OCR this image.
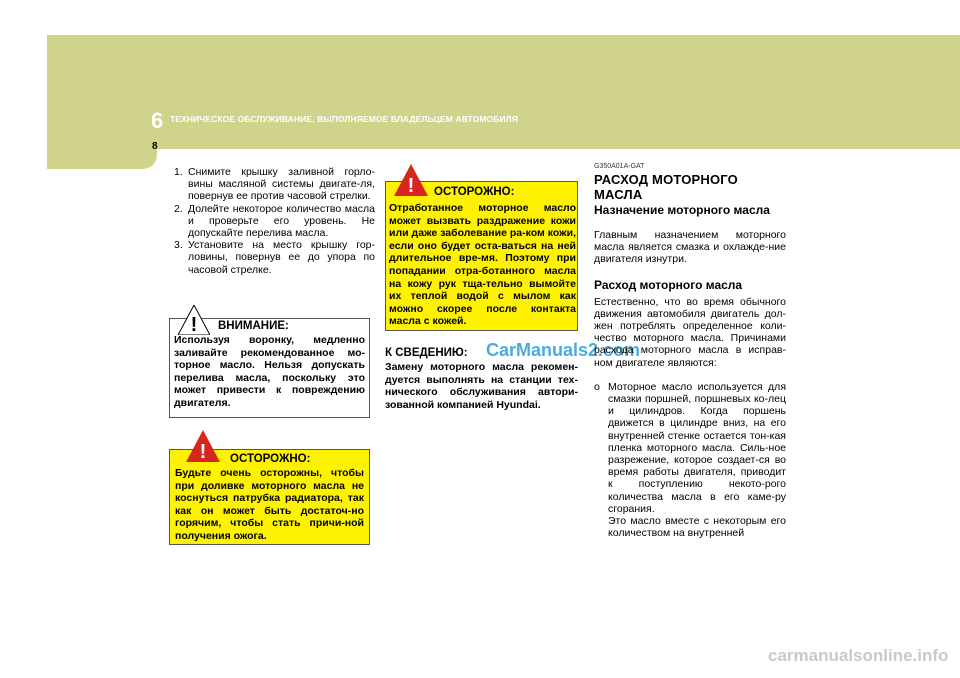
6 ТЕХНИЧЕСКОЕ ОБСЛУЖИВАНИЕ, ВЫПОЛНЯЕМОЕ ВЛАДЕЛЬЦЕМ АВТОМОБИЛЯ
8
1. Снимите крышку заливной горло-вины масляной системы двигате-ля, повернув ее против часовой стрелки.
2. Долейте некоторое количество масла и проверьте его уровень. Не допускайте перелива масла.
3. Установите на место крышку гор-ловины, повернув ее до упора по часовой стрелке.
! ВНИМАНИЕ:
Используя воронку, медленно заливайте рекомендованное мо-торное масло. Нельзя допускать перелива масла, поскольку это может привести к повреждению двигателя.
! ОСТОРОЖНО:
Будьте очень осторожны, чтобы при доливке моторного масла не коснуться патрубка радиатора, так как он может быть достаточ-но горячим, чтобы стать причи-ной получения ожога.
! ОСТОРОЖНО:
Отработанное моторное масло может вызвать раздражение кожи или даже заболевание ра-ком кожи, если оно будет оста-ваться на ней длительное вре-мя. Поэтому при попадании отра-ботанного масла на кожу рук тща-тельно вымойте их теплой водой с мылом как можно скорее после контакта масла с кожей.
К СВЕДЕНИЮ:
Замену моторного масла рекомен-дуется выполнять на станции тех-нического обслуживания автори-зованной компанией Hyundai.
CarManuals2.com
G350A01A-GAT
РАСХОД МОТОРНОГО МАСЛА
Назначение моторного масла
Главным назначением моторного масла является смазка и охлажде-ние двигателя изнутри.
Расход моторного масла
Естественно, что во время обычного движения автомобиля двигатель дол-жен потреблять определенное коли-чество моторного масла. Причинами расхода моторного масла в исправ-ном двигателе являются:
o Моторное масло используется для смазки поршней, поршневых ко-лец и цилиндров. Когда поршень движется в цилиндре вниз, на его внутренней стенке остается тон-кая пленка моторного масла. Силь-ное разрежение, которое создает-ся во время работы двигателя, приводит к поступлению некото-рого количества масла в его каме-ру сгорания.
Это масло вместе с некоторым его количеством на внутренней
carmanualsonline.info
